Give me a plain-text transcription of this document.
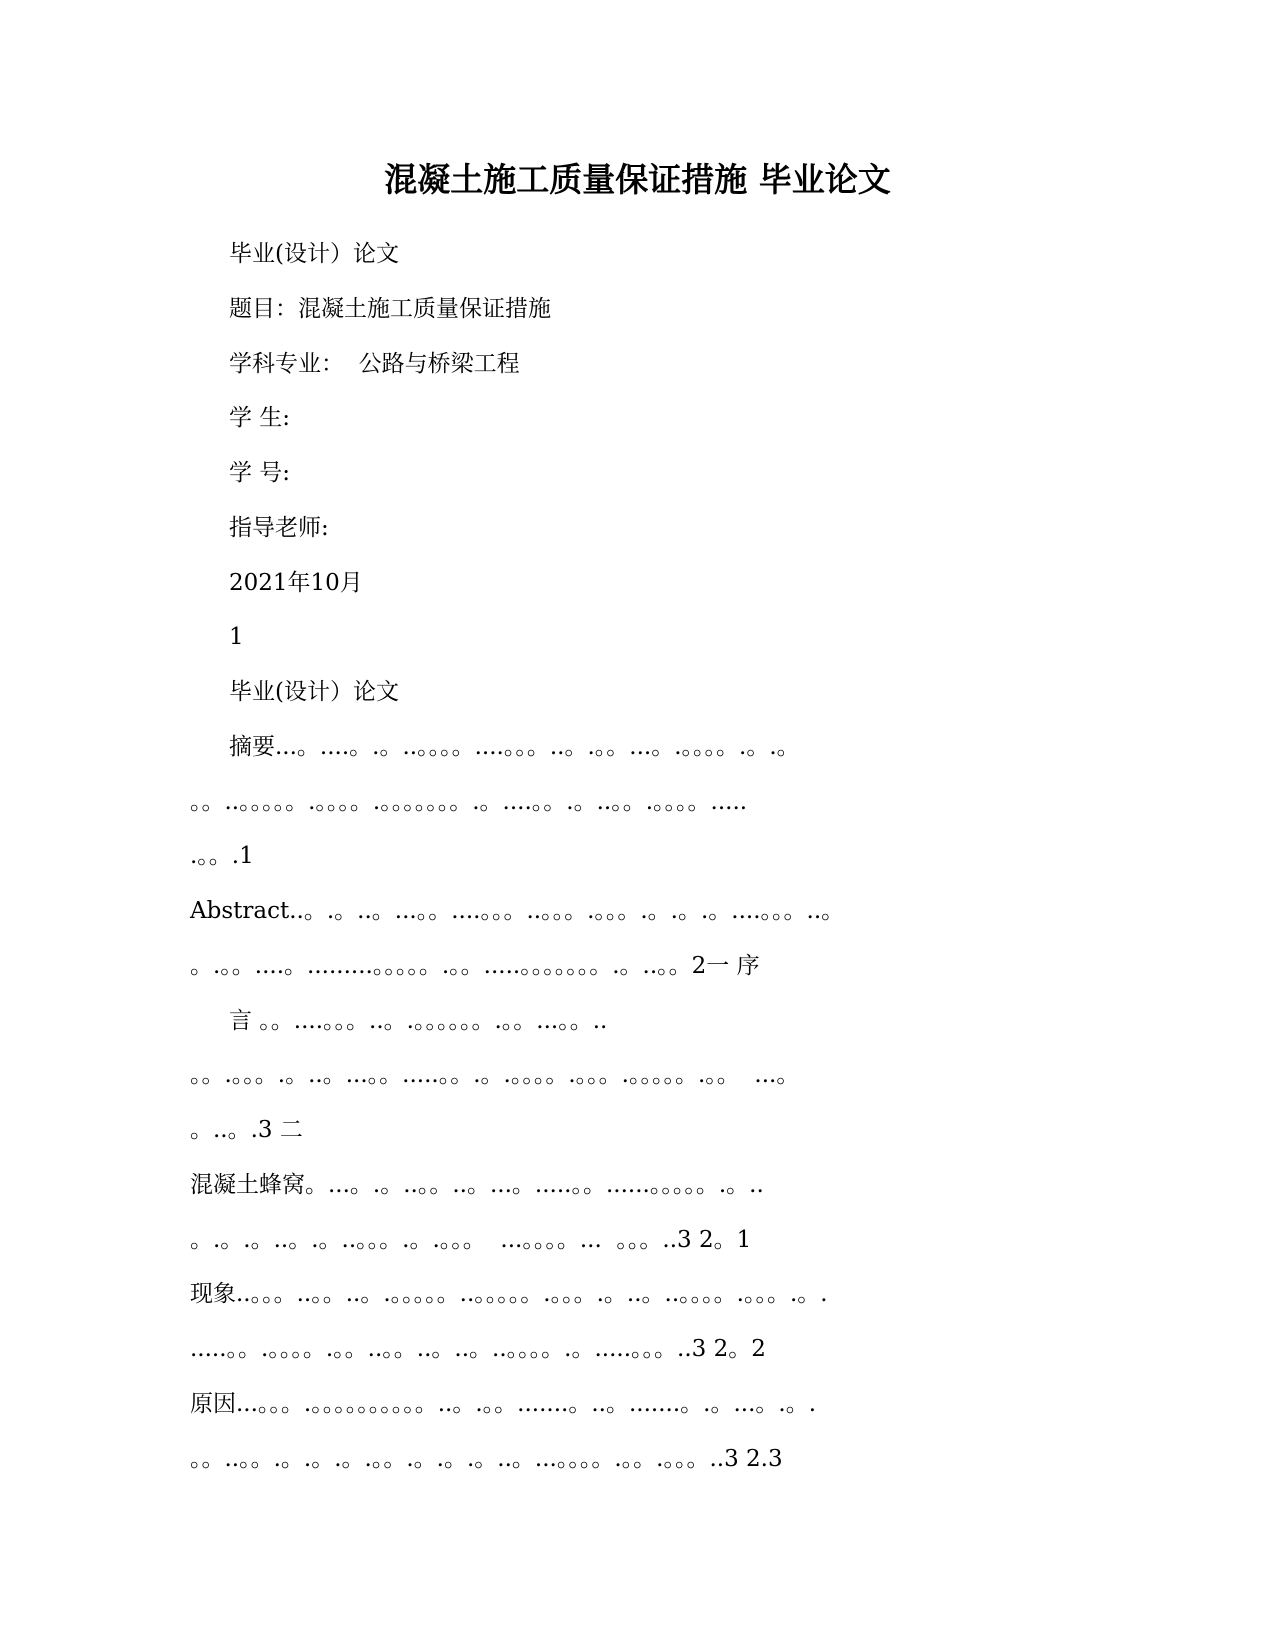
混凝土施工质量保证措施 毕业论文
毕业(设计）论文
题目：混凝土施工质量保证措施
学科专业：  公路与桥梁工程
学 生:
学 号:
指导老师:
2021年10月
1
毕业(设计）论文
摘要...。....。.。..。。。。....。。。..。.。。...。.。。。。.。.。
。。..。。。。。.。。。。.。。。。。。。.。....。。.。..。。.。。。。.....
.。。.1
Abstract..。.。..。...。。....。。。..。。。.。。。.。.。.。....。。。..。
。.。。....。.........。。。。。.。。.....。。。。。。。.。..。。2一 序
言 。。....。。。..。.。。。。。。.。。...。。..
。。.。。。.。..。...。。.....。。.。.。。。。.。。。.。。。。。.。。  ...。
。..。.3 二
混凝土蜂窝。...。.。..。。..。...。.....。。......。。。。。.。..
。.。.。..。.。..。。。.。.。。。  ...。。。。...  。。。..3 2。1
现象..。。。..。。..。.。。。。。..。。。。。.。。。.。..。..。。。。.。。。.。.
.....。。.。。。。.。。..。。..。..。..。。。。.。.....。。。..3 2。2
原因...。。。.。。。。。。。。。。..。.。。.......。..。.......。.。...。.。.
。。..。。.。.。.。.。。.。.。.。..。...。。。。.。。.。。。..3 2.3
